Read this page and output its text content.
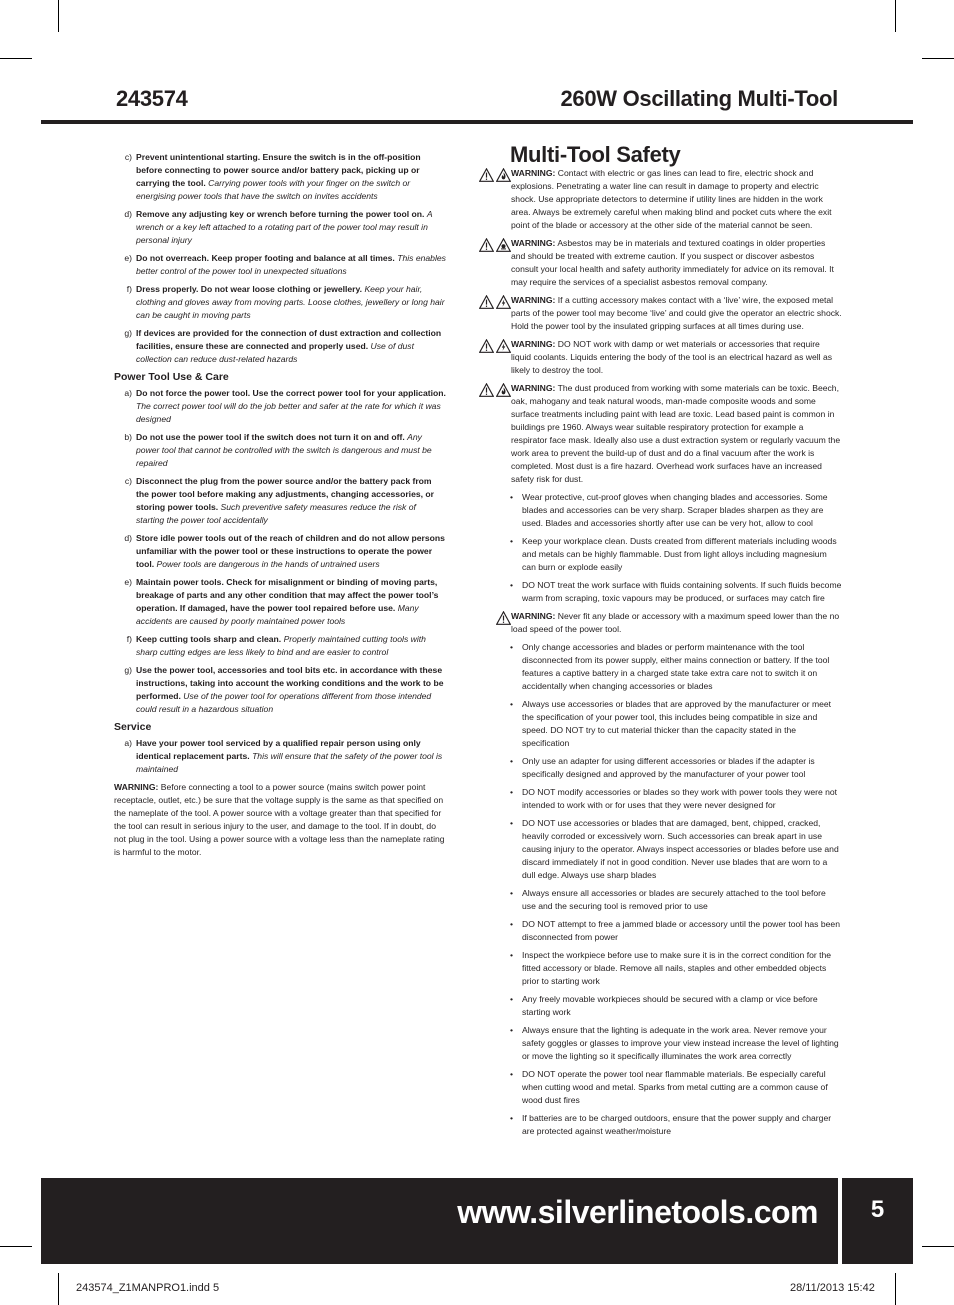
243574	260W Oscillating Multi-Tool
c) Prevent unintentional starting. Ensure the switch is in the off-position before connecting to power source and/or battery pack, picking up or carrying the tool. Carrying power tools with your finger on the switch or energising power tools that have the switch on invites accidents
d) Remove any adjusting key or wrench before turning the power tool on. A wrench or a key left attached to a rotating part of the power tool may result in personal injury
e) Do not overreach. Keep proper footing and balance at all times. This enables better control of the power tool in unexpected situations
f) Dress properly. Do not wear loose clothing or jewellery. Keep your hair, clothing and gloves away from moving parts. Loose clothes, jewellery or long hair can be caught in moving parts
g) If devices are provided for the connection of dust extraction and collection facilities, ensure these are connected and properly used. Use of dust collection can reduce dust-related hazards
Power Tool Use & Care
a) Do not force the power tool. Use the correct power tool for your application. The correct power tool will do the job better and safer at the rate for which it was designed
b) Do not use the power tool if the switch does not turn it on and off. Any power tool that cannot be controlled with the switch is dangerous and must be repaired
c) Disconnect the plug from the power source and/or the battery pack from the power tool before making any adjustments, changing accessories, or storing power tools. Such preventive safety measures reduce the risk of starting the power tool accidentally
d) Store idle power tools out of the reach of children and do not allow persons unfamiliar with the power tool or these instructions to operate the power tool. Power tools are dangerous in the hands of untrained users
e) Maintain power tools. Check for misalignment or binding of moving parts, breakage of parts and any other condition that may affect the power tool’s operation. If damaged, have the power tool repaired before use. Many accidents are caused by poorly maintained power tools
f) Keep cutting tools sharp and clean. Properly maintained cutting tools with sharp cutting edges are less likely to bind and are easier to control
g) Use the power tool, accessories and tool bits etc. in accordance with these instructions, taking into account the working conditions and the work to be performed. Use of the power tool for operations different from those intended could result in a hazardous situation
Service
a) Have your power tool serviced by a qualified repair person using only identical replacement parts. This will ensure that the safety of the power tool is maintained
WARNING: Before connecting a tool to a power source (mains switch power point receptacle, outlet, etc.) be sure that the voltage supply is the same as that specified on the nameplate of the tool. A power source with a voltage greater than that specified for the tool can result in serious injury to the user, and damage to the tool. If in doubt, do not plug in the tool. Using a power source with a voltage less than the nameplate rating is harmful to the motor.
Multi-Tool Safety
WARNING: Contact with electric or gas lines can lead to fire, electric shock and explosions. Penetrating a water line can result in damage to property and electric shock. Use appropriate detectors to determine if utility lines are hidden in the work area. Always be extremely careful when making blind and pocket cuts where the exit point of the blade or accessory at the other side of the material cannot be seen.
WARNING: Asbestos may be in materials and textured coatings in older properties and should be treated with extreme caution. If you suspect or discover asbestos consult your local health and safety authority immediately for advice on its removal. It may require the services of a specialist asbestos removal company.
WARNING: If a cutting accessory makes contact with a ‘live’ wire, the exposed metal parts of the power tool may become ‘live’ and could give the operator an electric shock. Hold the power tool by the insulated gripping surfaces at all times during use.
WARNING: DO NOT work with damp or wet materials or accessories that require liquid coolants. Liquids entering the body of the tool is an electrical hazard as well as likely to destroy the tool.
WARNING: The dust produced from working with some materials can be toxic. Beech, oak, mahogany and teak natural woods, man-made composite woods and some surface treatments including paint with lead are toxic. Lead based paint is common in buildings pre 1960. Always wear suitable respiratory protection for example a respirator face mask. Ideally also use a dust extraction system or regularly vacuum the work area to prevent the build-up of dust and do a final vacuum after the work is completed. Most dust is a fire hazard. Overhead work surfaces have an increased safety risk for dust.
•	Wear protective, cut-proof gloves when changing blades and accessories. Some blades and accessories can be very sharp. Scraper blades sharpen as they are used. Blades and accessories shortly after use can be very hot, allow to cool
•	Keep your workplace clean. Dusts created from different materials including woods and metals can be highly flammable. Dust from light alloys including magnesium can burn or explode easily
•	DO NOT treat the work surface with fluids containing solvents. If such fluids become warm from scraping, toxic vapours may be produced, or surfaces may catch fire
WARNING: Never fit any blade or accessory with a maximum speed lower than the no load speed of the power tool.
•	Only change accessories and blades or perform maintenance with the tool disconnected from its power supply, either mains connection or battery. If the tool features a captive battery in a charged state take extra care not to switch it on accidentally when changing accessories or blades
•	Always use accessories or blades that are approved by the manufacturer or meet the specification of your power tool, this includes being compatible in size and speed. DO NOT try to cut material thicker than the capacity stated in the specification
•	Only use an adapter for using different accessories or blades if the adapter is specifically designed and approved by the manufacturer of your power tool
•	DO NOT modify accessories or blades so they work with power tools they were not intended to work with or for uses that they were never designed for
•	DO NOT use accessories or blades that are damaged, bent, chipped, cracked, heavily corroded or excessively worn. Such accessories can break apart in use causing injury to the operator. Always inspect accessories or blades before use and discard immediately if not in good condition. Never use blades that are worn to a dull edge. Always use sharp blades
•	Always ensure all accessories or blades are securely attached to the tool before use and the securing tool is removed prior to use
•	DO NOT attempt to free a jammed blade or accessory until the power tool has been disconnected from power
•	Inspect the workpiece before use to make sure it is in the correct condition for the fitted accessory or blade. Remove all nails, staples and other embedded objects prior to starting work
•	Any freely movable workpieces should be secured with a clamp or vice before starting work
•	Always ensure that the lighting is adequate in the work area. Never remove your safety goggles or glasses to improve your view instead increase the level of lighting or move the lighting so it specifically illuminates the work area correctly
•	DO NOT operate the power tool near flammable materials. Be especially careful when cutting wood and metal. Sparks from metal cutting are a common cause of wood dust fires
•	If batteries are to be charged outdoors, ensure that the power supply and charger are protected against weather/moisture
www.silverlinetools.com	5
243574_Z1MANPRO1.indd 5	28/11/2013 15:42
